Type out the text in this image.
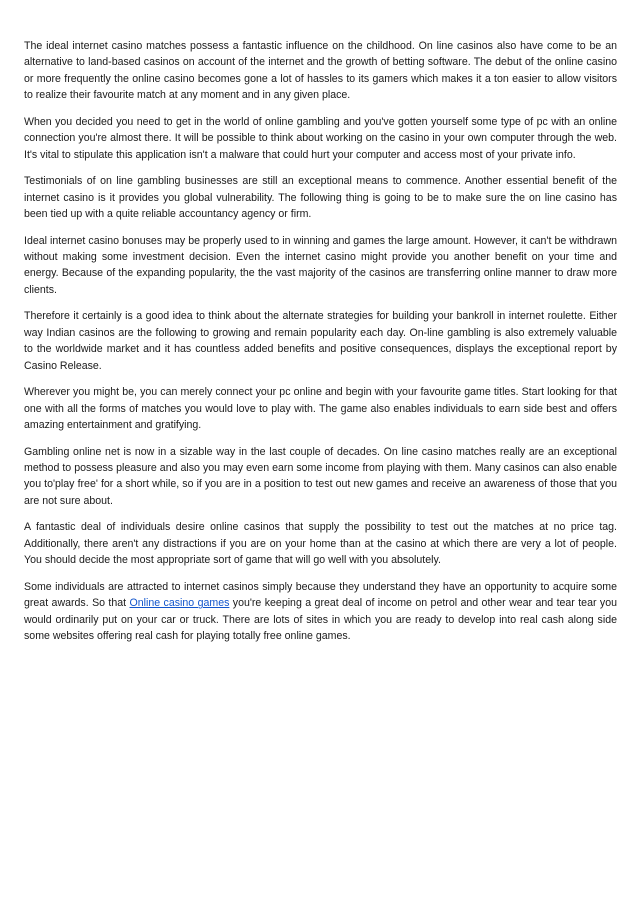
The ideal internet casino matches possess a fantastic influence on the childhood. On line casinos also have come to be an alternative to land-based casinos on account of the internet and the growth of betting software. The debut of the online casino or more frequently the online casino becomes gone a lot of hassles to its gamers which makes it a ton easier to allow visitors to realize their favourite match at any moment and in any given place.

When you decided you need to get in the world of online gambling and you've gotten yourself some type of pc with an online connection you're almost there. It will be possible to think about working on the casino in your own computer through the web. It's vital to stipulate this application isn't a malware that could hurt your computer and access most of your private info.

Testimonials of on line gambling businesses are still an exceptional means to commence. Another essential benefit of the internet casino is it provides you global vulnerability. The following thing is going to be to make sure the on line casino has been tied up with a quite reliable accountancy agency or firm.

Ideal internet casino bonuses may be properly used to in winning and games the large amount. However, it can't be withdrawn without making some investment decision. Even the internet casino might provide you another benefit on your time and energy. Because of the expanding popularity, the the vast majority of the casinos are transferring online manner to draw more clients.

Therefore it certainly is a good idea to think about the alternate strategies for building your bankroll in internet roulette. Either way Indian casinos are the following to growing and remain popularity each day. On-line gambling is also extremely valuable to the worldwide market and it has countless added benefits and positive consequences, displays the exceptional report by Casino Release.

Wherever you might be, you can merely connect your pc online and begin with your favourite game titles. Start looking for that one with all the forms of matches you would love to play with. The game also enables individuals to earn side best and offers amazing entertainment and gratifying.

Gambling online net is now in a sizable way in the last couple of decades. On line casino matches really are an exceptional method to possess pleasure and also you may even earn some income from playing with them. Many casinos can also enable you to'play free' for a short while, so if you are in a position to test out new games and receive an awareness of those that you are not sure about.

A fantastic deal of individuals desire online casinos that supply the possibility to test out the matches at no price tag. Additionally, there aren't any distractions if you are on your home than at the casino at which there are very a lot of people. You should decide the most appropriate sort of game that will go well with you absolutely.

Some individuals are attracted to internet casinos simply because they understand they have an opportunity to acquire some great awards. So that Online casino games you're keeping a great deal of income on petrol and other wear and tear tear you would ordinarily put on your car or truck. There are lots of sites in which you are ready to develop into real cash along side some websites offering real cash for playing totally free online games.
